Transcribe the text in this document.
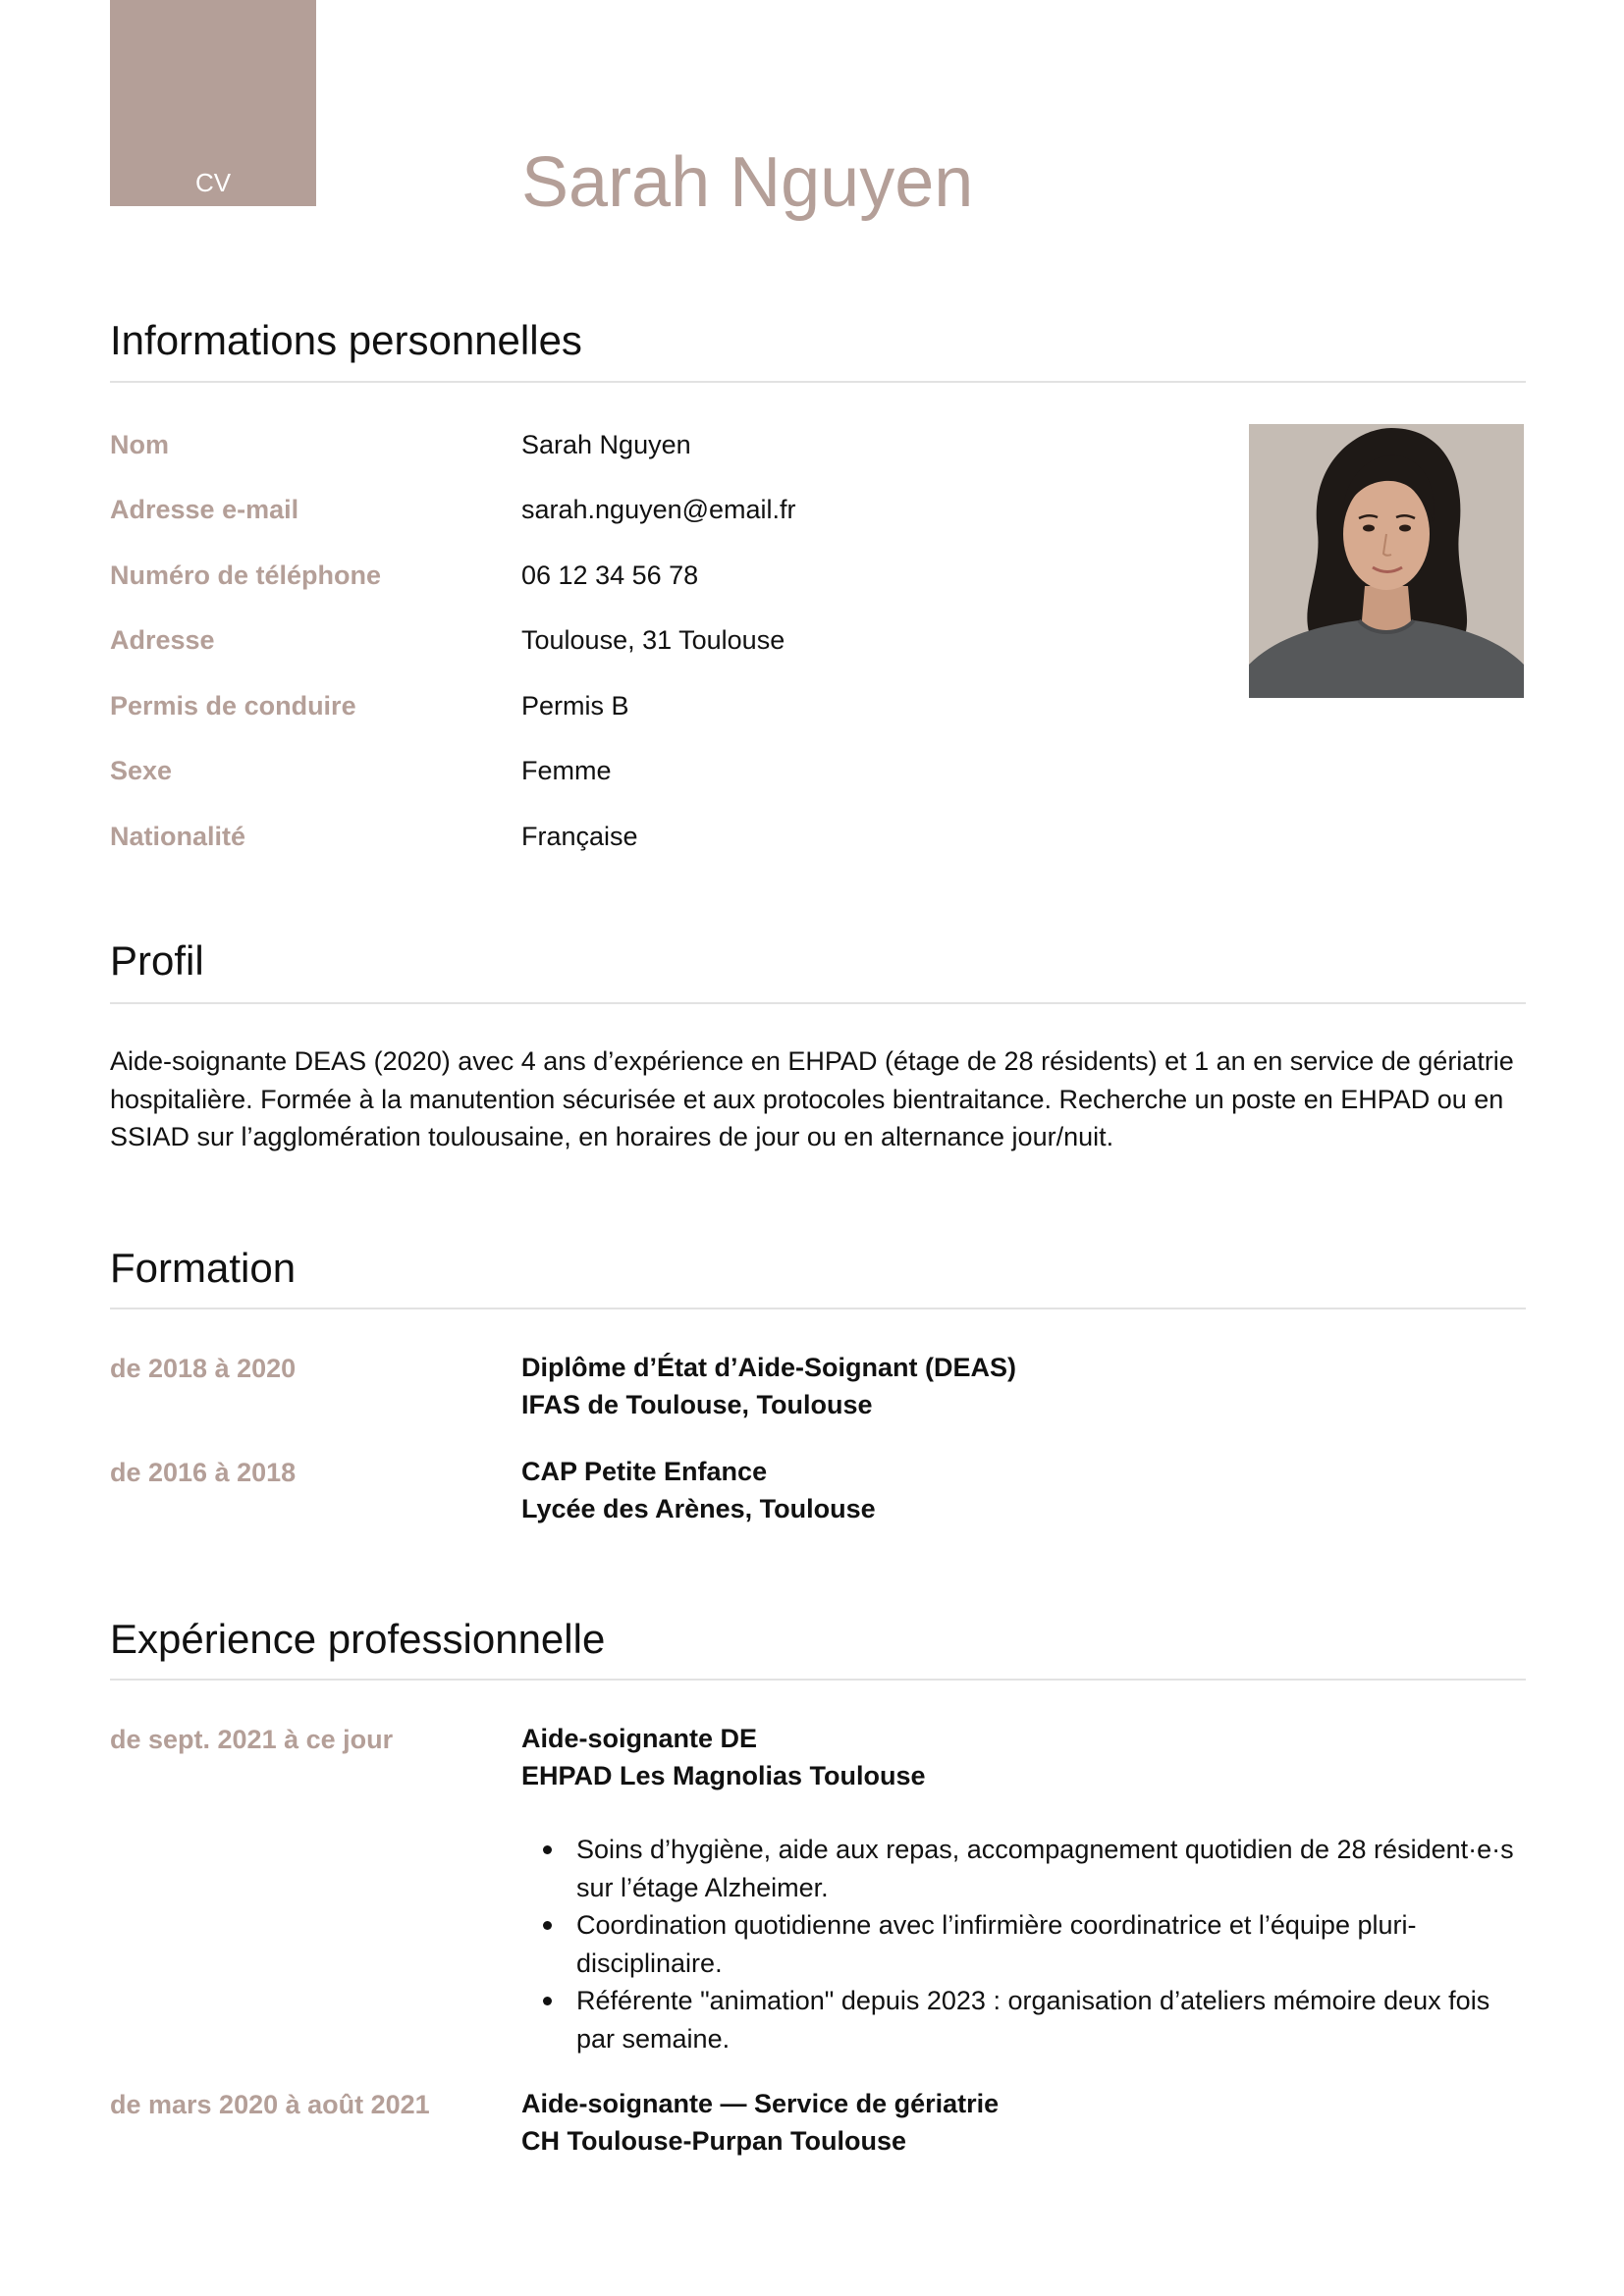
CV	Sarah Nguyen
Informations personnelles
Nom	Sarah Nguyen
Adresse e-mail	sarah.nguyen@email.fr
Numéro de téléphone	06 12 34 56 78
Adresse	Toulouse, 31 Toulouse
Permis de conduire	Permis B
Sexe	Femme
Nationalité	Française
Profil

Aide-soignante DEAS (2020) avec 4 ans d’expérience en EHPAD (étage de 28 résidents) et 1 an en service de gériatrie hospitalière. Formée à la manutention sécurisée et aux protocoles bientraitance. Recherche un poste en EHPAD ou en SSIAD sur l’agglomération toulousaine, en horaires de jour ou en alternance jour/nuit.

Formation
de 2018 à 2020	Diplôme d’État d’Aide-Soignant (DEAS)
IFAS de Toulouse, Toulouse
de 2016 à 2018	CAP Petite Enfance
Lycée des Arènes, Toulouse
Expérience professionnelle
de sept. 2021 à ce jour	Aide-soignante DE
EHPAD Les Magnolias Toulouse
Soins d’hygiène, aide aux repas, accompagnement quotidien de 28 résident·e·s sur l’étage Alzheimer.
Coordination quotidienne avec l’infirmière coordinatrice et l’équipe pluri-disciplinaire.
Référente "animation" depuis 2023 : organisation d’ateliers mémoire deux fois par semaine.
de mars 2020 à août 2021	Aide-soignante — Service de gériatrie
CH Toulouse-Purpan Toulouse
